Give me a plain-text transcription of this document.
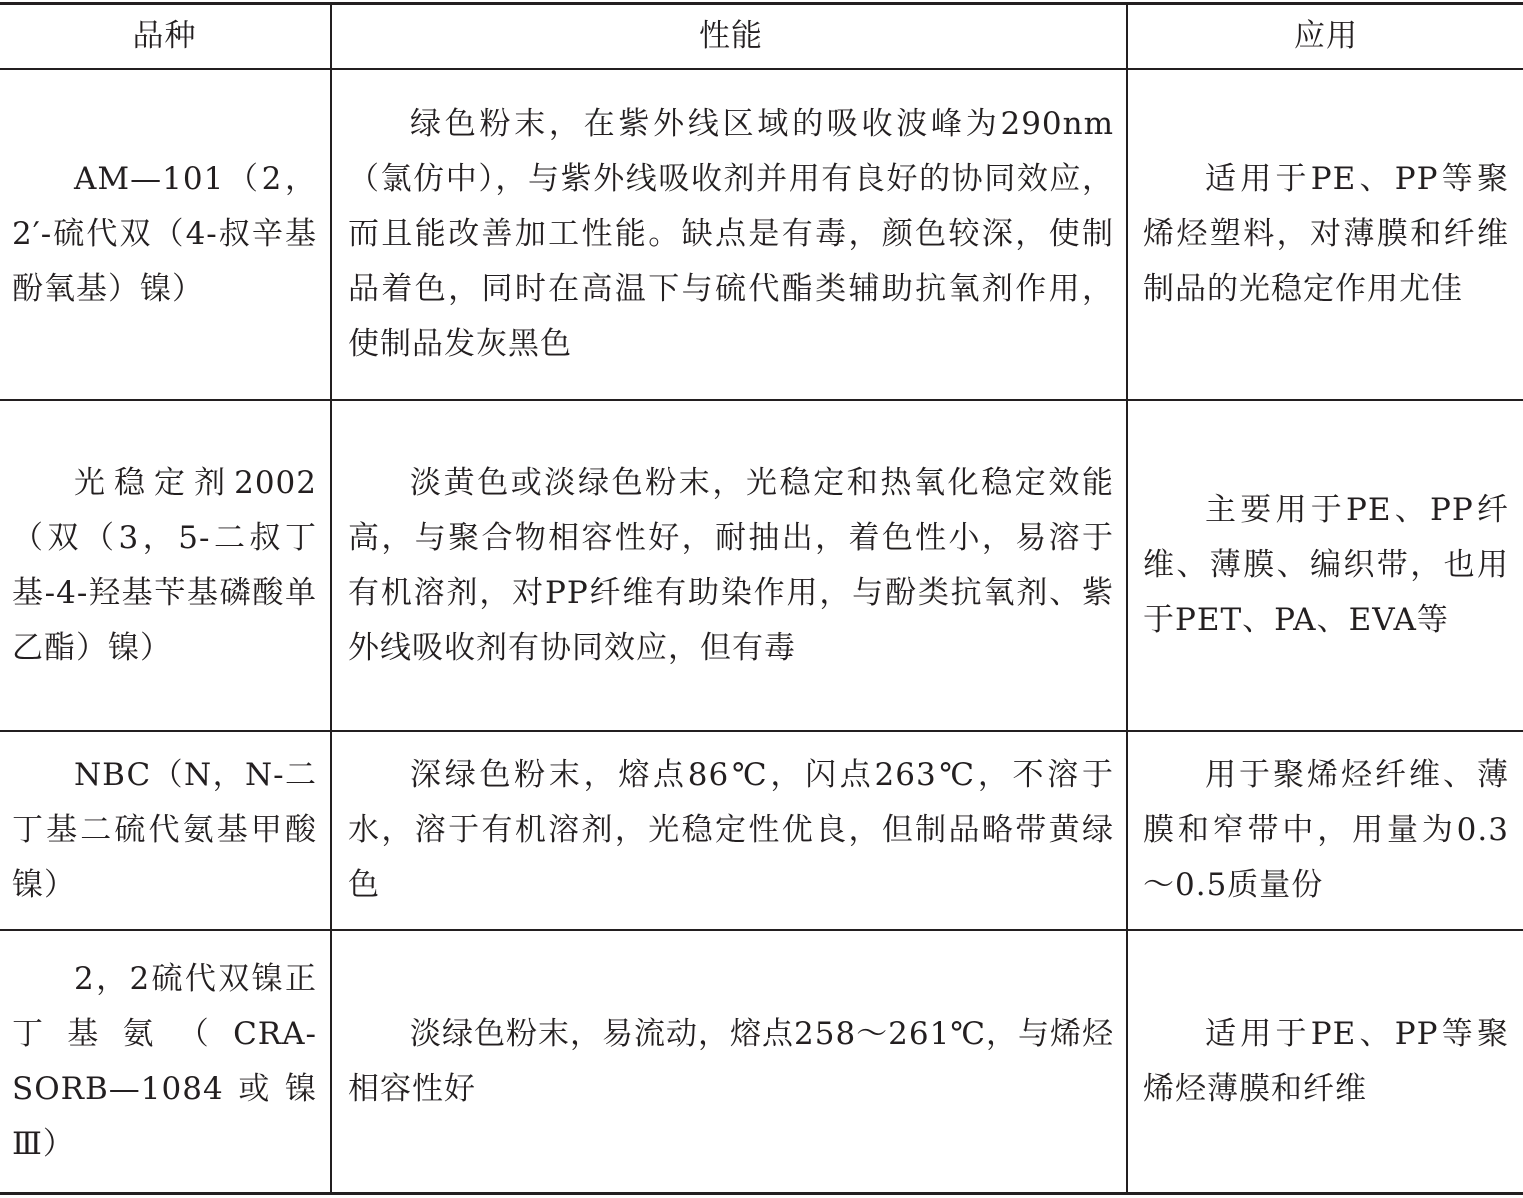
品种	性能	应用
AM—101（2，2′-硫代双（4-叔辛基酚氧基）镍）
绿色粉末，在紫外线区域的吸收波峰为290nm（氯仿中），与紫外线吸收剂并用有良好的协同效应，而且能改善加工性能。缺点是有毒，颜色较深，使制品着色，同时在高温下与硫代酯类辅助抗氧剂作用，使制品发灰黑色
适用于PE、PP等聚烯烃塑料，对薄膜和纤维制品的光稳定作用尤佳
光稳定剂2002（双（3，5-二叔丁基-4-羟基苄基磷酸单乙酯）镍）
淡黄色或淡绿色粉末，光稳定和热氧化稳定效能高，与聚合物相容性好，耐抽出，着色性小，易溶于有机溶剂，对PP纤维有助染作用，与酚类抗氧剂、紫外线吸收剂有协同效应，但有毒
主要用于PE、PP纤维、薄膜、编织带，也用于PET、PA、EVA等
NBC（N，N-二丁基二硫代氨基甲酸镍）
深绿色粉末，熔点86℃，闪点263℃，不溶于水，溶于有机溶剂，光稳定性优良，但制品略带黄绿色
用于聚烯烃纤维、薄膜和窄带中，用量为0.3～0.5质量份
2，2硫代双镍正丁基氨（CRA-SORB—1084或镍Ⅲ）
淡绿色粉末，易流动，熔点258～261℃，与烯烃相容性好
适用于PE、PP等聚烯烃薄膜和纤维
